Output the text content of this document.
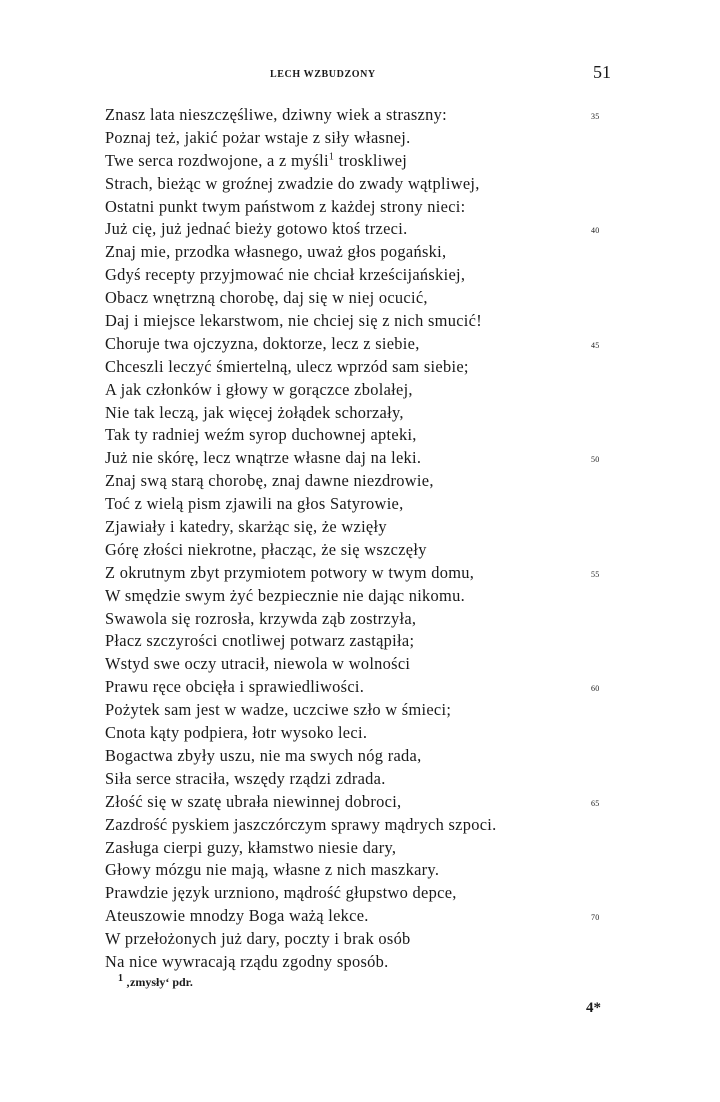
LECH WZBUDZONY	51
Znasz lata nieszczęśliwe, dziwny wiek a straszny:	35
Poznaj też, jakić pożar wstaje z siły własnej.
Twe serca rozdwojone, a z myśli$^1$ troskliwej
Strach, bieżąc w groźnej zwadzie do zwady wątpliwej,
Ostatni punkt twym państwom z każdej strony nieci:
Już cię, już jednać bieży gotowo ktoś trzeci.	40
Znaj mie, przodka własnego, uważ głos pogański,
Gdyś recepty przyjmować nie chciał krześcijańskiej,
Obacz wnętrzną chorobę, daj się w niej ocucić,
Daj i miejsce lekarstwom, nie chciej się z nich smucić!
Choruje twa ojczyzna, doktorze, lecz z siebie,	45
Chceszli leczyć śmiertelną, ulecz wprzód sam siebie;
A jak członków i głowy w gorączce zbolałej,
Nie tak leczą, jak więcej żołądek schorzały,
Tak ty radniej weźm syrop duchownej apteki,
Już nie skórę, lecz wnątrze własne daj na leki.	50
Znaj swą starą chorobę, znaj dawne niezdrowie,
Toć z wielą pism zjawili na głos Satyrowie,
Zjawiały i katedry, skarżąc się, że wzięły
Górę złości niekrotne, płacząc, że się wszczęły
Z okrutnym zbyt przymiotem potwory w twym domu,	55
W smędzie swym żyć bezpiecznie nie dając nikomu.
Swawola się rozrosła, krzywda ząb zostrzyła,
Płacz szczyrości cnotliwej potwarz zastąpiła;
Wstyd swe oczy utracił, niewola w wolności
Prawu ręce obcięła i sprawiedliwości.	60
Pożytek sam jest w wadze, uczciwe szło w śmieci;
Cnota kąty podpiera, łotr wysoko leci.
Bogactwa zbyły uszu, nie ma swych nóg rada,
Siła serce straciła, wszędy rządzi zdrada.
Złość się w szatę ubrała niewinnej dobroci,	65
Zazdrość pyskiem jaszczórczym sprawy mądrych szpoci.
Zasługa cierpi guzy, kłamstwo niesie dary,
Głowy mózgu nie mają, własne z nich maszkary.
Prawdzie język urzniono, mądrość głupstwo depce,
Ateuszowie mnodzy Boga ważą lekce.	70
W przełożonych już dary, poczty i brak osób
Na nice wywracają rządu zgodny sposób.
$^1$ ‚zmysły‘ pdr.
4*
